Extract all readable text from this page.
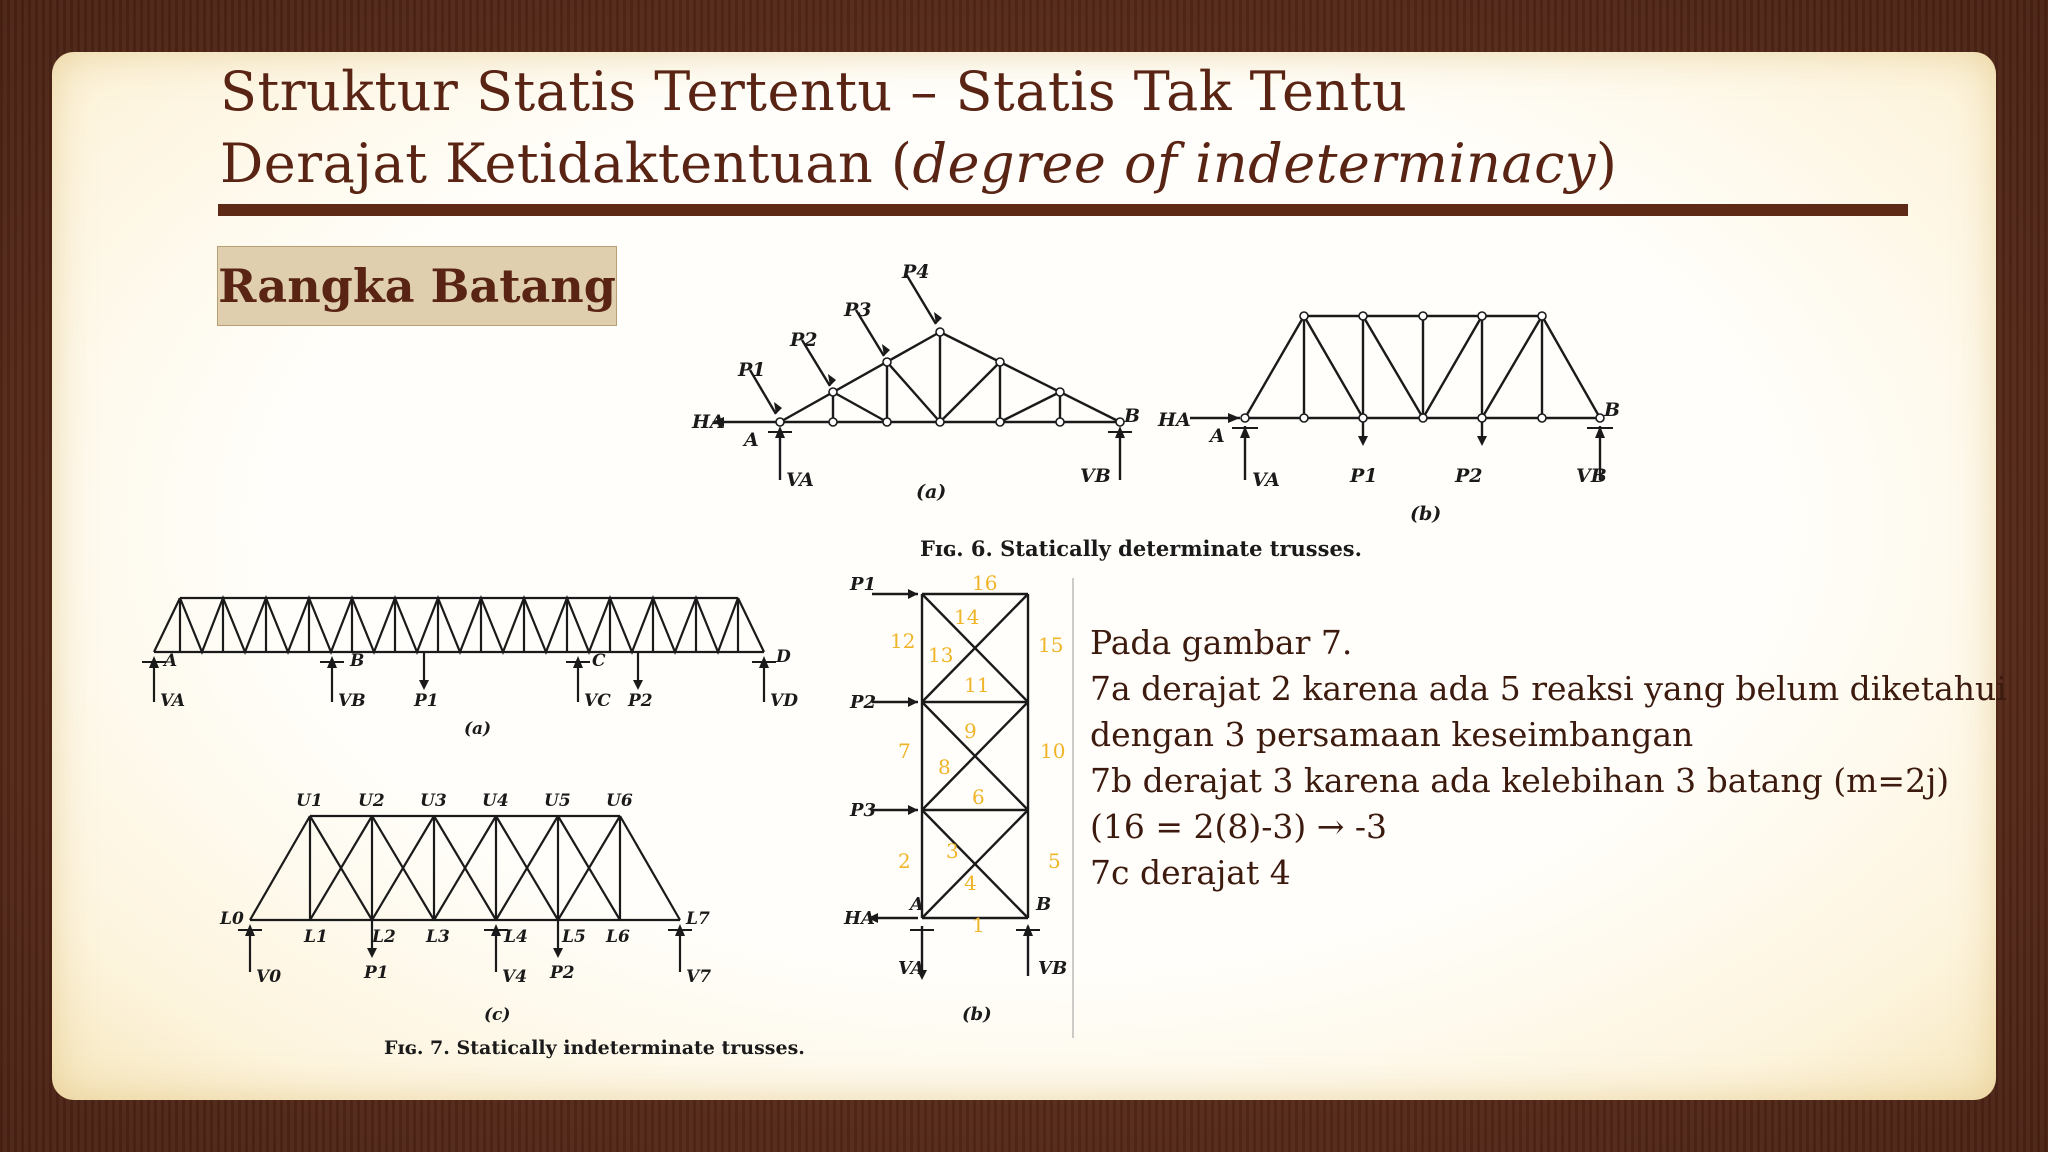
Struktur Statis Tertentu – Statis Tak Tentu
Derajat Ketidaktentuan (degree of indeterminacy)
Rangka Batang
HA
A
VA
P1
P2
P3
P4
B
VB
(a)
HA
A
VA	P1	P2
B
VB
(b)
Fɪɢ. 6. Statically determinate trusses.
A
VA
B
VB	P1
C
VC P2
D
VD
(a)
U1 U2 U3 U4 U5 U6
L0
L1	L2 L3	L4 L5 L6
L7
V0	P1	V4 P2	V7
(c)
Fɪɢ. 7. Statically indeterminate trusses.
P1
P2
P3
HA
A	B
VA	VB
(b)
1
2 3
4
5
6
7
8
9
10
11
12
13
14
15
16
Pada gambar 7.
7a derajat 2 karena ada 5 reaksi yang belum diketahui
dengan 3 persamaan keseimbangan
7b derajat 3 karena ada kelebihan 3 batang (m=2j)
(16 = 2(8)-3) → -3
7c derajat 4
